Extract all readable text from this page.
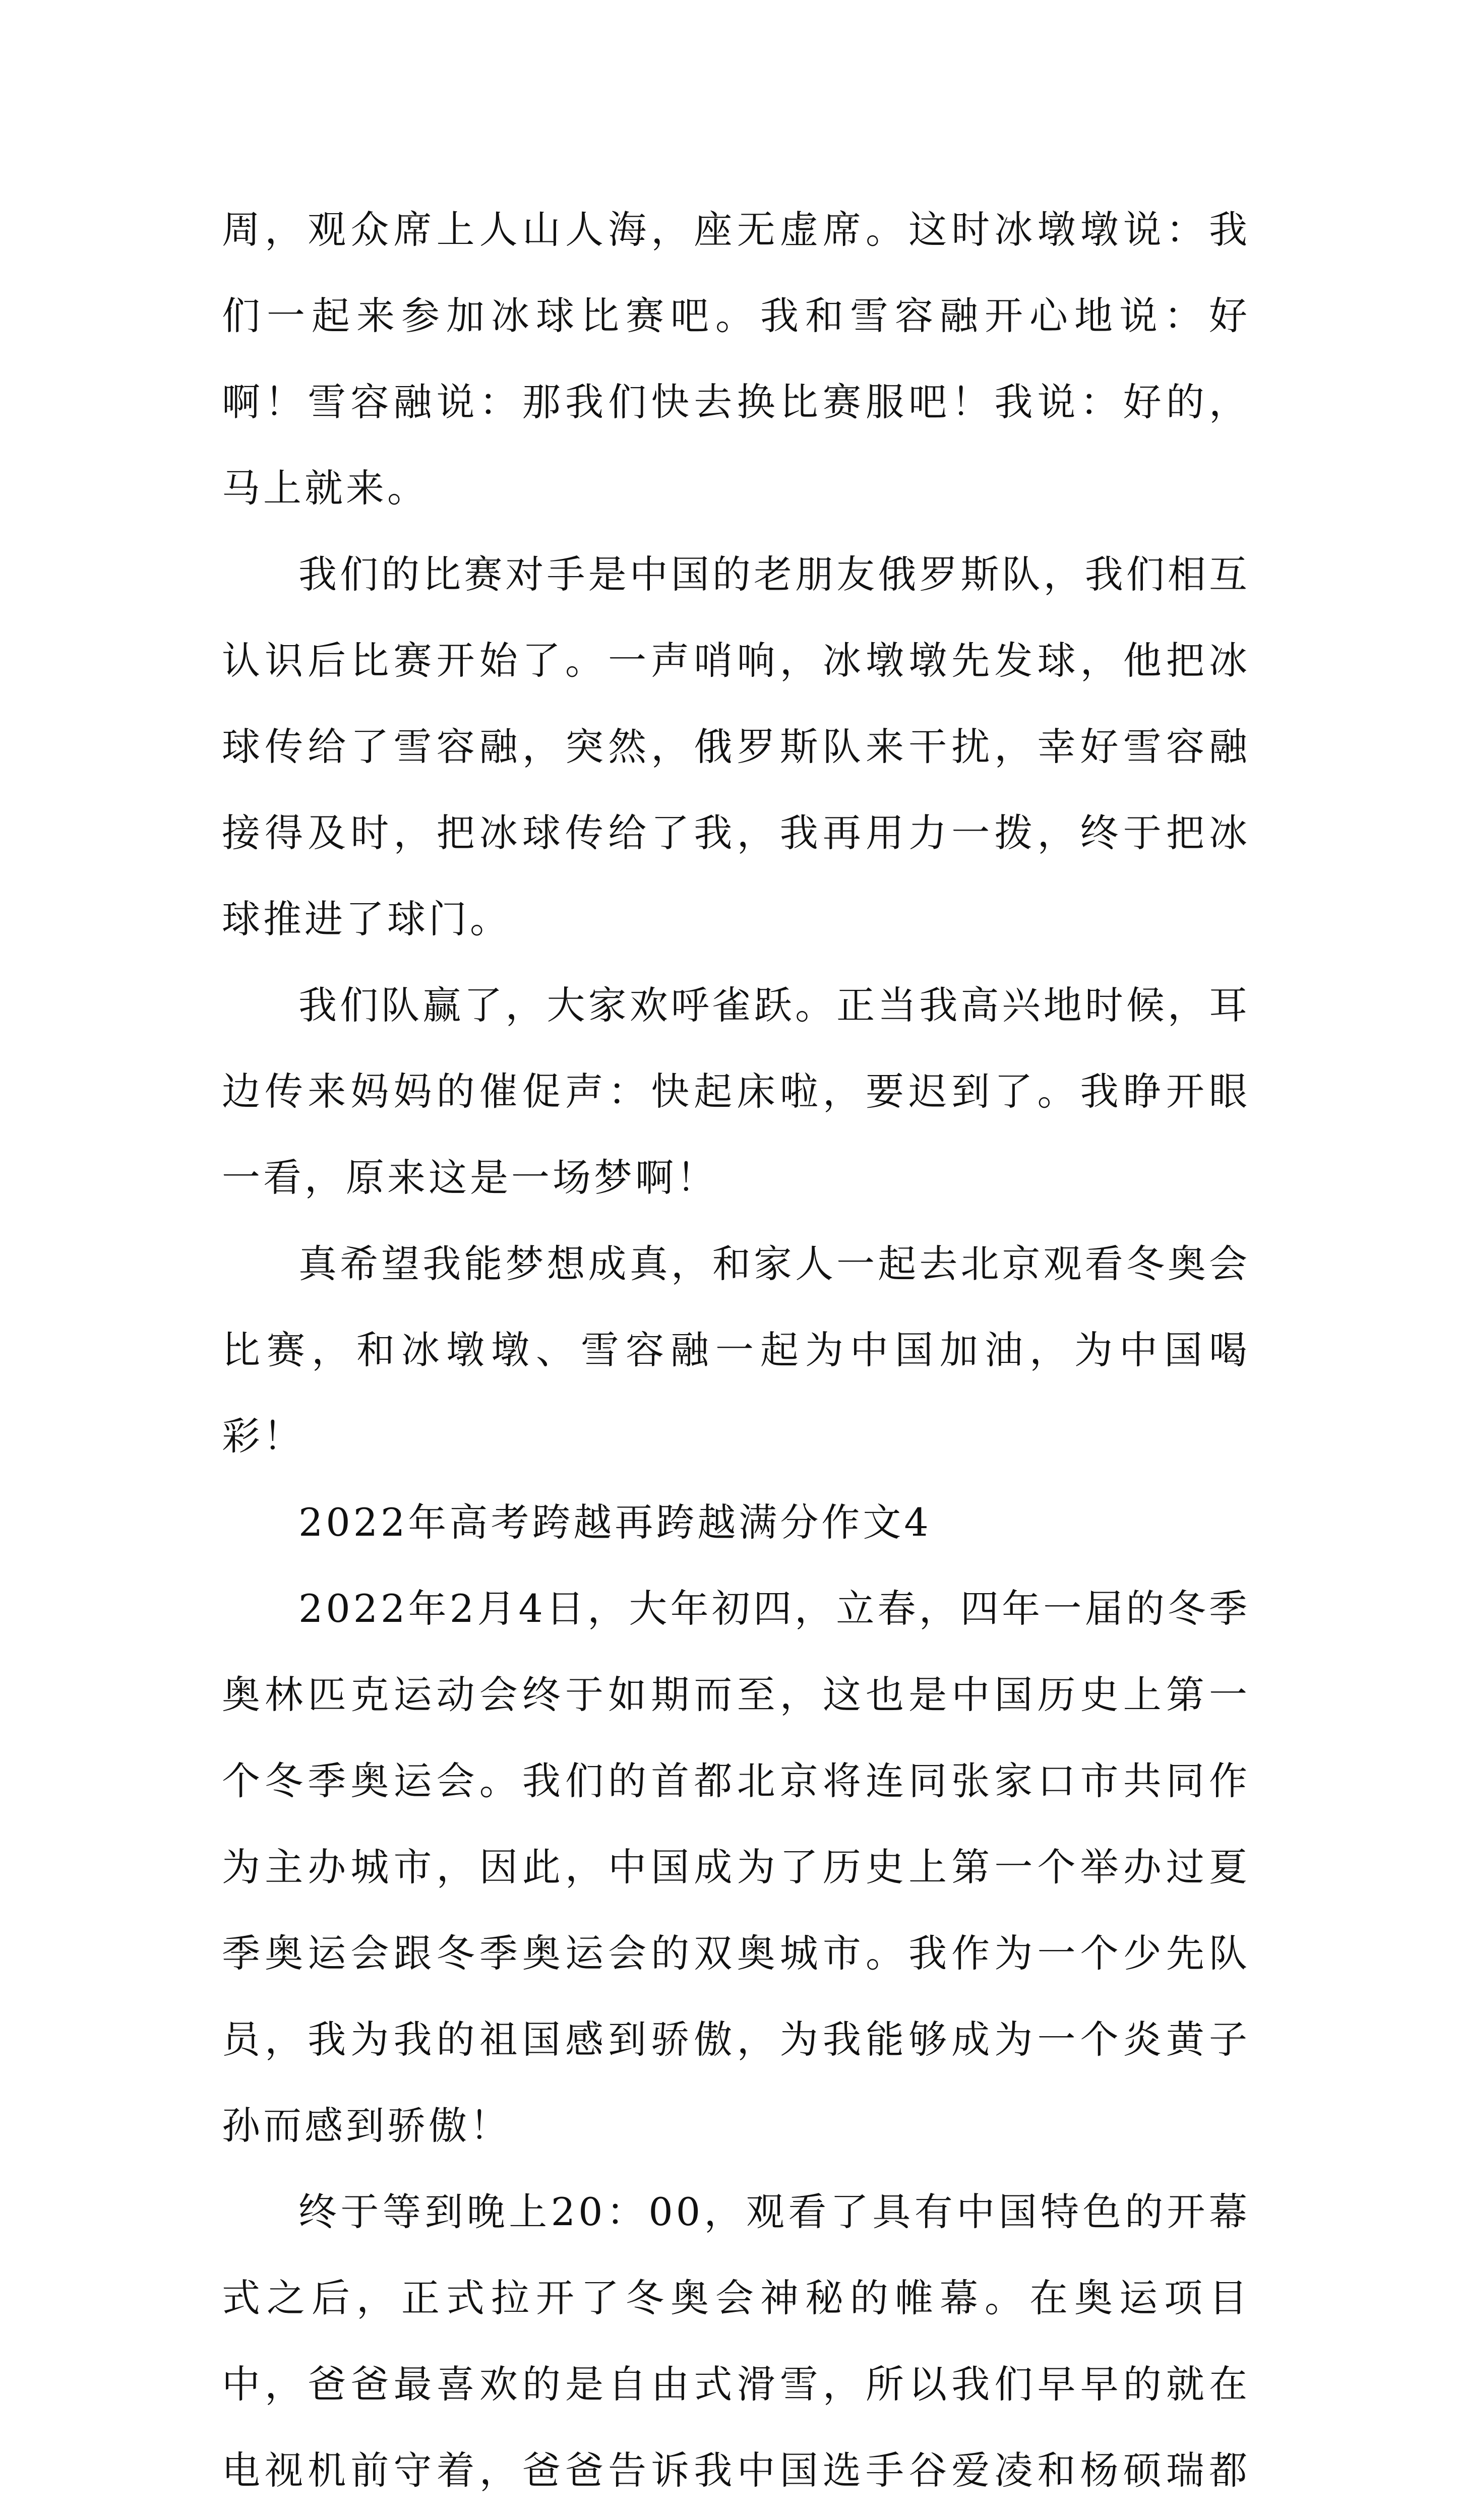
周，观众席上人山人海，座无虚席。这时冰墩墩说：我们一起来参加冰球比赛吧。我和雪容融开心地说：好啊！雪容融说：那我们快去换比赛服吧！我说：好的，马上就来。

我们的比赛对手是中国的老朋友俄罗斯队，我们相互认识后比赛开始了。一声哨响，冰墩墩先发球，他把冰球传给了雪容融，突然，俄罗斯队来干扰，幸好雪容融接得及时，把冰球传给了我，我再用力一拨，终于把冰球推进了球门。

我们队赢了，大家欢呼雀跃。正当我高兴地时候，耳边传来妈妈的催促声：快起床啦，要迟到了。我睁开眼一看，原来这是一场梦啊！

真希望我能梦想成真，和家人一起去北京观看冬奥会比赛，和冰墩墩、雪容融一起为中国加油，为中国喝彩！

2022年高考跨越再跨越满分作文4

2022年2月4日，大年初四，立春，四年一届的冬季奥林匹克运动会终于如期而至，这也是中国历史上第一个冬季奥运会。我们的首都北京将连同张家口市共同作为主办城市，因此，中国成为了历史上第一个举办过夏季奥运会跟冬季奥运会的双奥城市。我作为一个少先队员，我为我的祖国感到骄傲，为我能够成为一个炎黄子孙而感到骄傲！

终于等到晚上20：00，观看了具有中国特色的开幕式之后，正式拉开了冬奥会神秘的帷幕。在奥运项目中，爸爸最喜欢的是自由式滑雪，所以我们早早的就在电视机前守着，爸爸告诉我中国选手谷爱凌和杨硕瑞都
